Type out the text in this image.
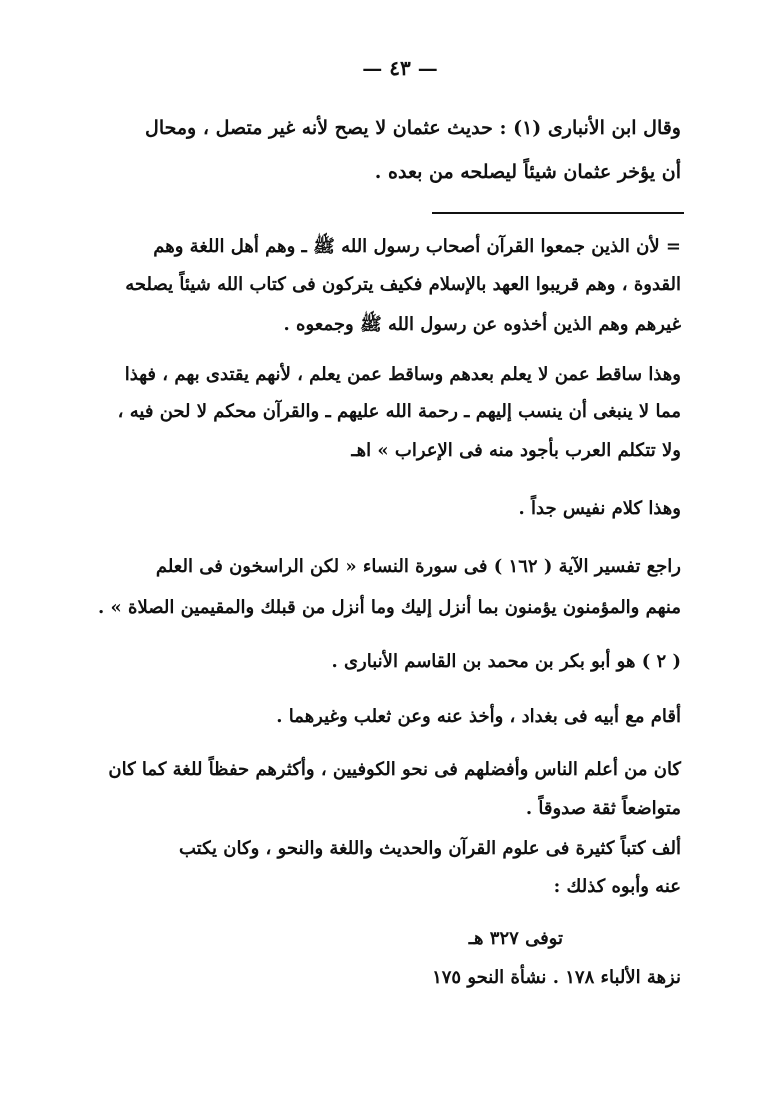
— ٤٣ —
وقال ابن الأنبارى (١) : حديث عثمان لا يصح لأنه غير متصل ، ومحال
أن يؤخر عثمان شيئاً ليصلحه من بعده .
= لأن الذين جمعوا القرآن أصحاب رسول الله ﷺ ـ وهم أهل اللغة وهم
القدوة ، وهم قريبوا العهد بالإسلام فكيف يتركون فى كتاب الله شيئاً يصلحه
غيرهم وهم الذين أخذوه عن رسول الله ﷺ وجمعوه .
وهذا ساقط عمن لا يعلم بعدهم وساقط عمن يعلم ، لأنهم يقتدى بهم ، فهذا
مما لا ينبغى أن ينسب إليهم ـ رحمة الله عليهم ـ والقرآن محكم لا لحن فيه ،
ولا تتكلم العرب بأجود منه فى الإعراب » اهـ
وهذا كلام نفيس جداً .
راجع تفسير الآية ( ١٦٢ ) فى سورة النساء « لكن الراسخون فى العلم
منهم والمؤمنون يؤمنون بما أنزل إليك وما أنزل من قبلك والمقيمين الصلاة » .
( ٢ ) هو أبو بكر بن محمد بن القاسم الأنبارى .
أقام مع أبيه فى بغداد ، وأخذ عنه وعن ثعلب وغيرهما .
كان من أعلم الناس وأفضلهم فى نحو الكوفيين ، وأكثرهم حفظاً للغة كما كان
متواضعاً ثقة صدوقاً .
ألف كتباً كثيرة فى علوم القرآن والحديث واللغة والنحو ، وكان يكتب
عنه وأبوه كذلك :
توفى ٣٢٧ هـ
نزهة الألباء ١٧٨ . نشأة النحو ١٧٥
